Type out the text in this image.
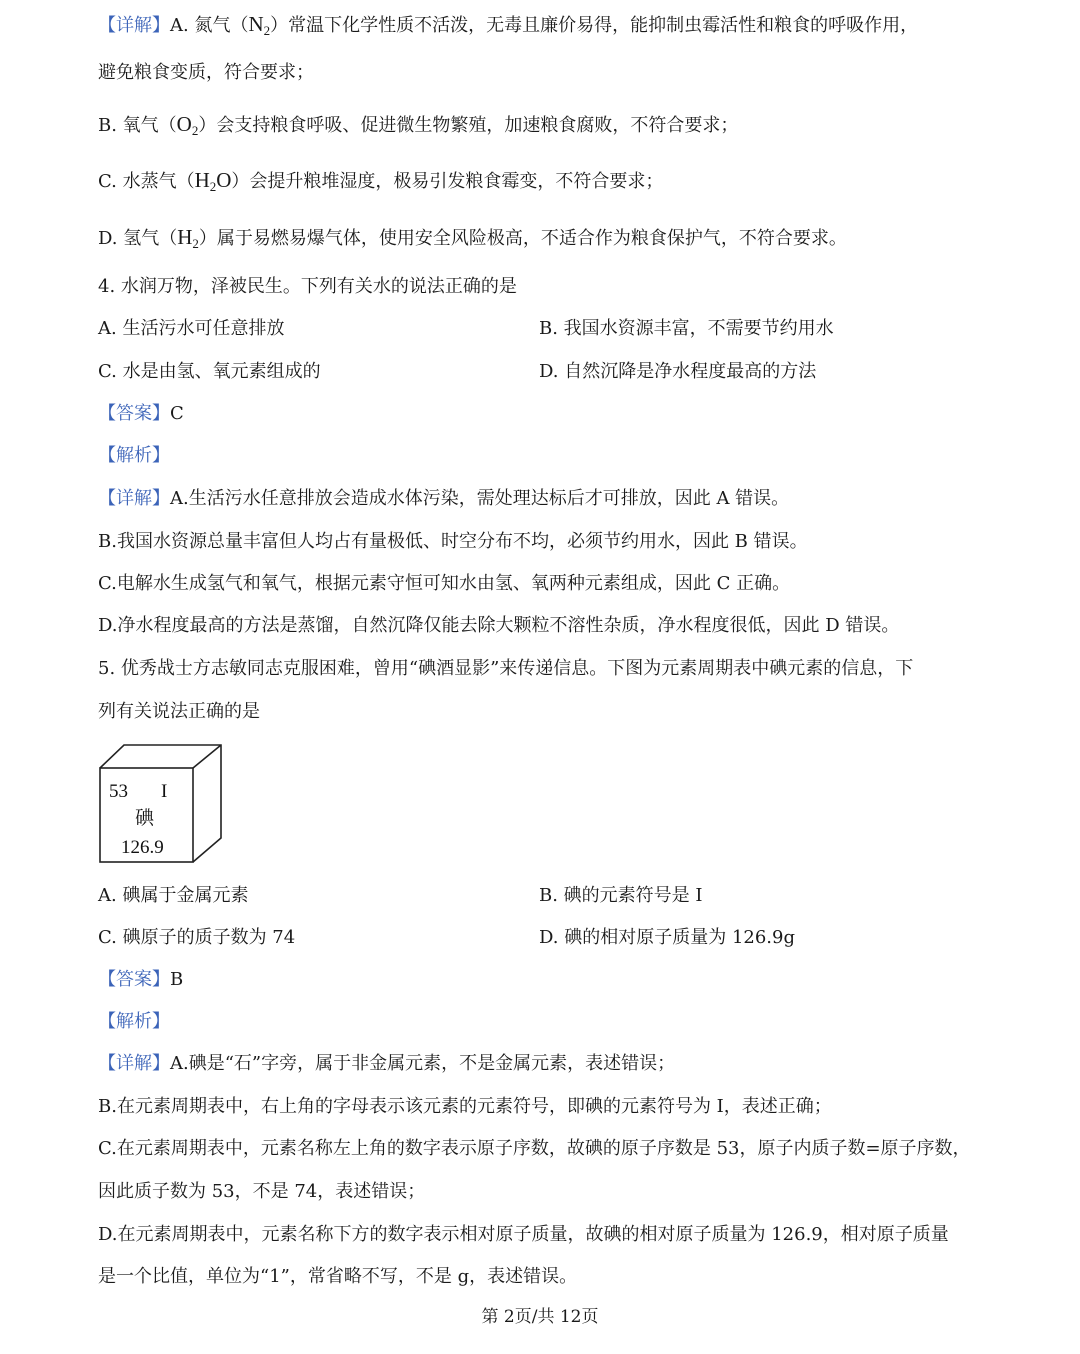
【详解】A. 氮气$(N_2)$常温下化学性质不活泼，无毒且廉价易得，能抑制虫霉活性和粮食的呼吸作用，
避免粮食变质，符合要求；
B. 氧气$(O_2)$会支持粮食呼吸、促进微生物繁殖，加速粮食腐败，不符合要求；
C. 水蒸气$(H_2O)$会提升粮堆湿度，极易引发粮食霉变，不符合要求；
D. 氢气$(H_2)$属于易燃易爆气体，使用安全风险极高，不适合作为粮食保护气，不符合要求。
4. 水润万物，泽被民生。下列有关水的说法正确的是
A. 生活污水可任意排放	B. 我国水资源丰富，不需要节约用水
C. 水是由氢、氧元素组成的	D. 自然沉降是净水程度最高的方法
【答案】C
【解析】
【详解】A.生活污水任意排放会造成水体污染，需处理达标后才可排放，因此 A 错误。
B.我国水资源总量丰富但人均占有量极低、时空分布不均，必须节约用水，因此 B 错误。
C.电解水生成氢气和氧气，根据元素守恒可知水由氢、氧两种元素组成，因此 C 正确。
D.净水程度最高的方法是蒸馏，自然沉降仅能去除大颗粒不溶性杂质，净水程度很低，因此 D 错误。
5. 优秀战士方志敏同志克服困难，曾用“碘酒显影”来传递信息。下图为元素周期表中碘元素的信息，下
列有关说法正确的是
53 I
碘
126.9
A. 碘属于金属元素	B. 碘的元素符号是 I
C. 碘原子的质子数为 74	D. 碘的相对原子质量为 126.9g
【答案】B
【解析】
【详解】A.碘是“石”字旁，属于非金属元素，不是金属元素，表述错误；
B.在元素周期表中，右上角的字母表示该元素的元素符号，即碘的元素符号为 I，表述正确；
C.在元素周期表中，元素名称左上角的数字表示原子序数，故碘的原子序数是 53，原子内质子数=原子序数，
因此质子数为 53，不是 74，表述错误；
D.在元素周期表中，元素名称下方的数字表示相对原子质量，故碘的相对原子质量为 126.9，相对原子质量
是一个比值，单位为“1”，常省略不写，不是 g，表述错误。
第 2页/共 12页
